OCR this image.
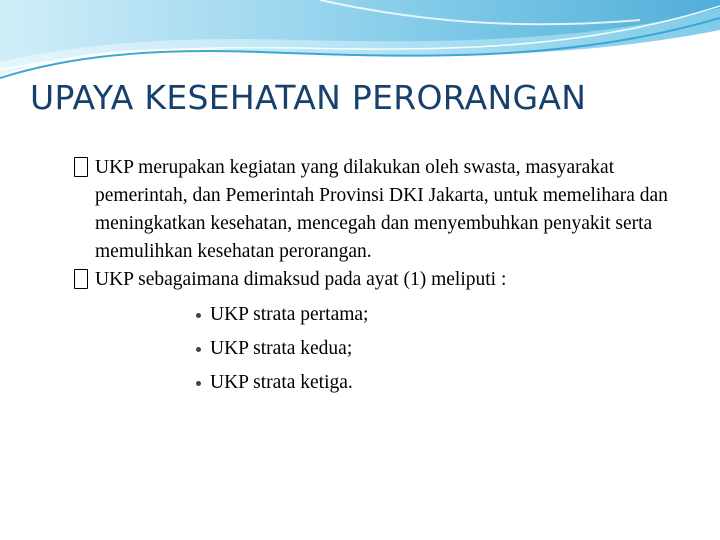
UPAYA KESEHATAN PERORANGAN

UKP merupakan kegiatan yang dilakukan oleh swasta, masyarakat pemerintah, dan Pemerintah Provinsi DKI Jakarta, untuk memelihara dan meningkatkan kesehatan, mencegah dan menyembuhkan penyakit serta memulihkan kesehatan perorangan.

UKP sebagaimana dimaksud pada ayat (1) meliputi :

UKP strata pertama;
UKP strata kedua;
UKP strata ketiga.
